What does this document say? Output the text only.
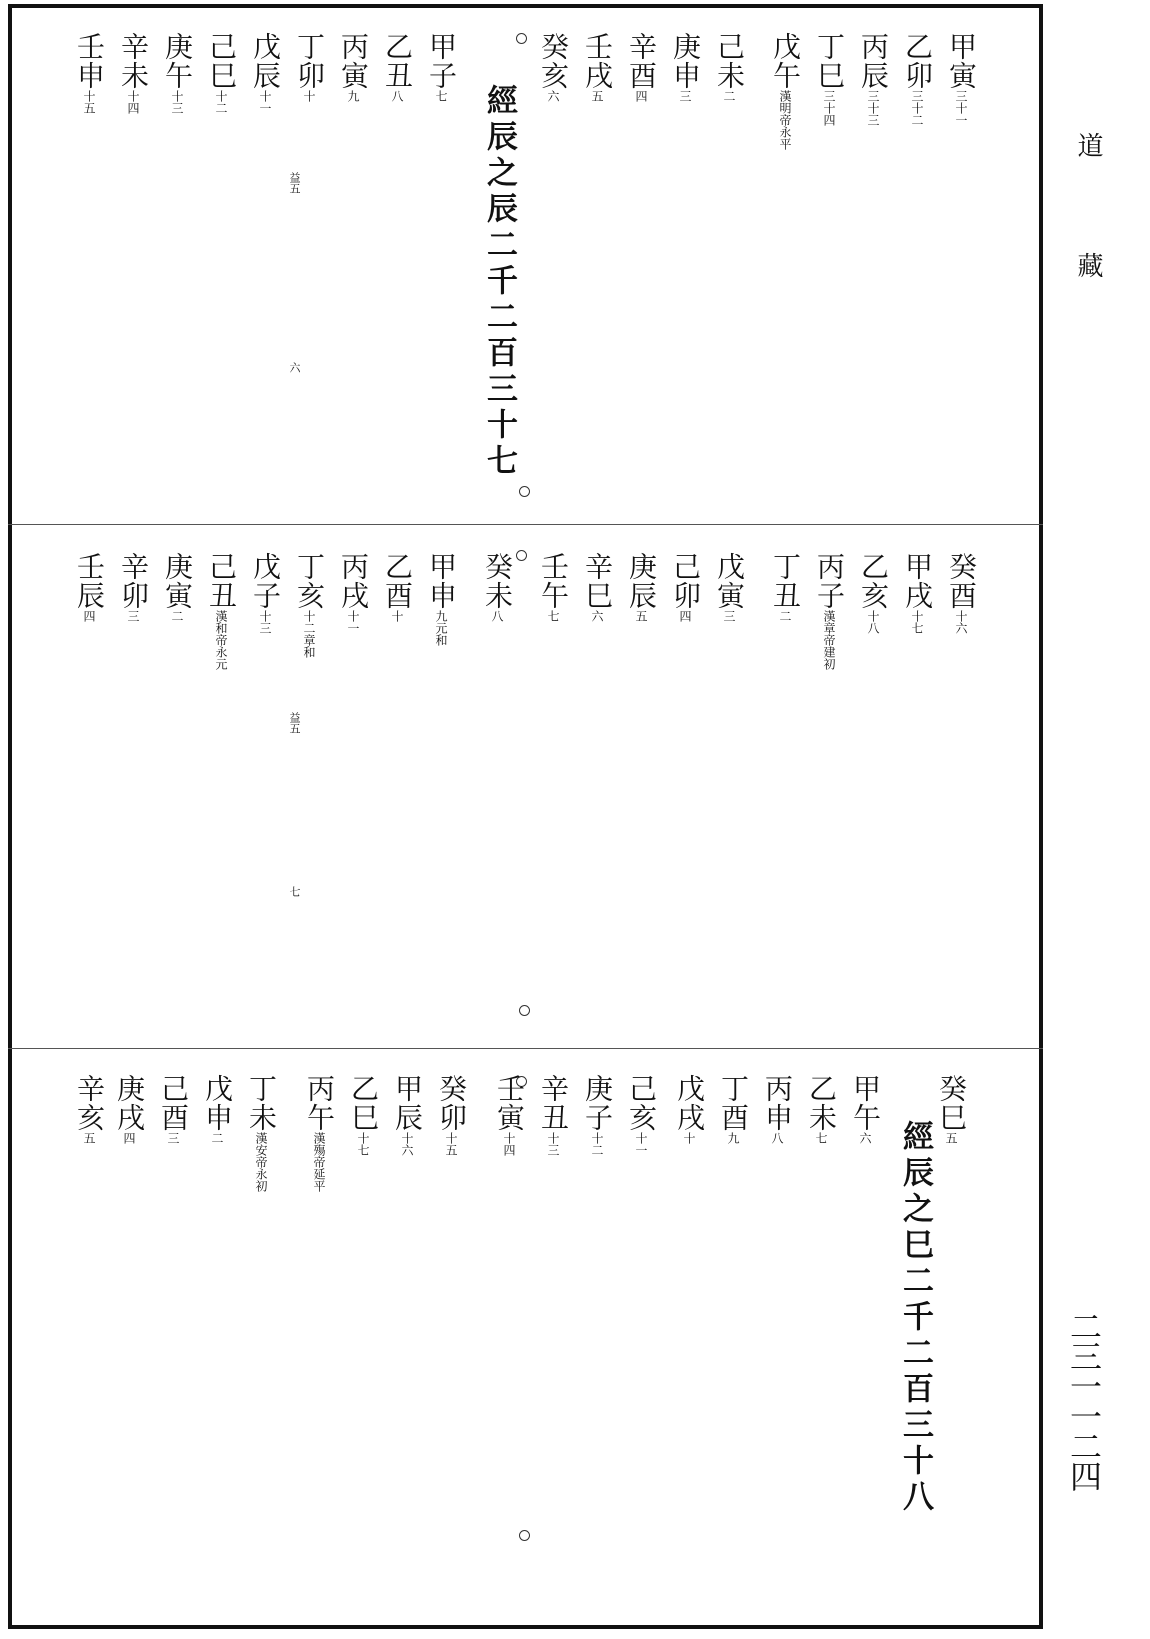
道
藏
二三一一二四
經辰之辰二千二百三十七
益五
六
甲寅三十一
乙卯三十二
丙辰三十三
丁巳三十四
戊午漢明帝永平
己未二
庚申三
辛酉四
壬戌五
癸亥六
甲子七
乙丑八
丙寅九
丁卯十
戊辰十一
己巳十二
庚午十三
辛未十四
壬申十五
益五
七
癸酉十六
甲戌十七
乙亥十八
丙子漢章帝建初
丁丑二
戊寅三
己卯四
庚辰五
辛巳六
壬午七
癸未八
甲申九元和
乙酉十
丙戌十一
丁亥十二章和
戊子十三
己丑漢和帝永元
庚寅二
辛卯三
壬辰四
經辰之巳二千二百三十八
癸巳五
甲午六
乙未七
丙申八
丁酉九
戊戌十
己亥十一
庚子十二
辛丑十三
壬寅十四
癸卯十五
甲辰十六
乙巳十七
丙午漢殤帝延平
丁未漢安帝永初
戊申二
己酉三
庚戌四
辛亥五
